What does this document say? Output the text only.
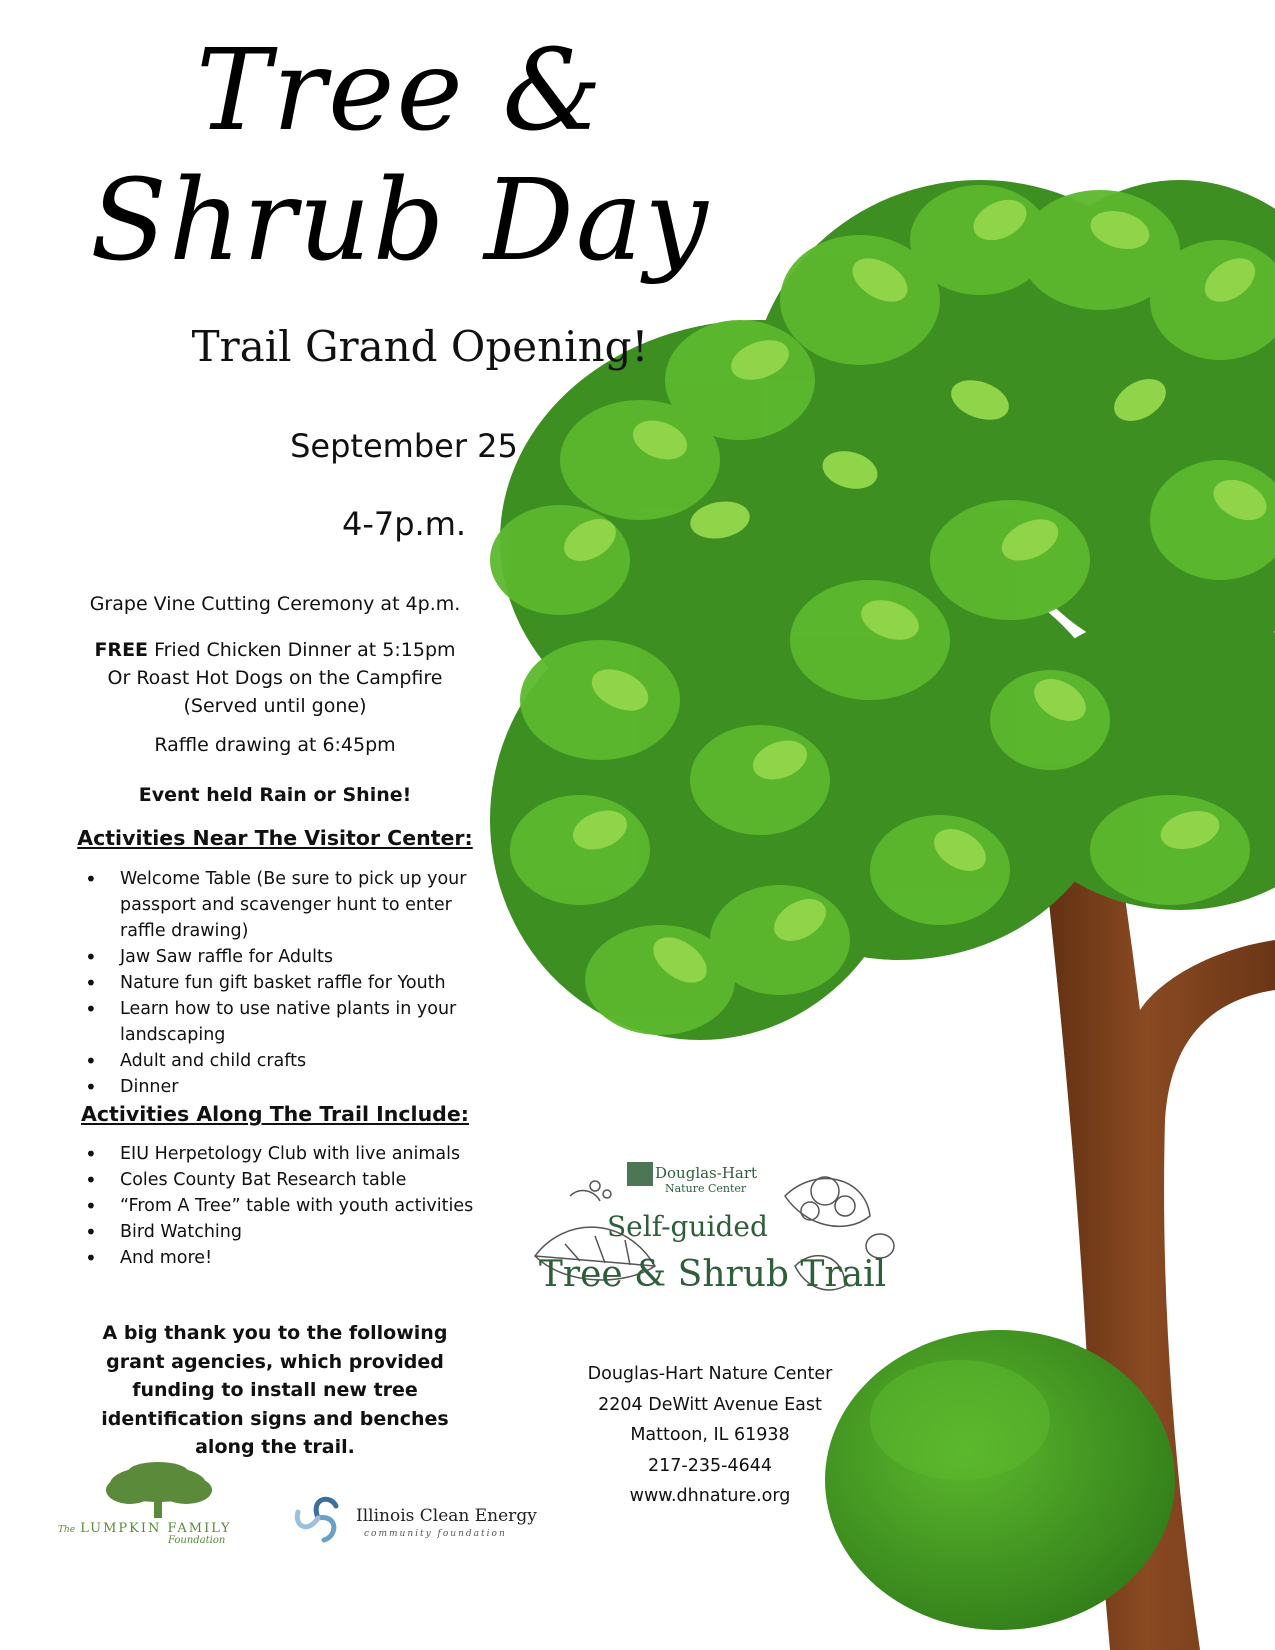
Tree &
Shrub Day
Trail Grand Opening!
September 25
4-7p.m.
Grape Vine Cutting Ceremony at 4p.m.
FREE Fried Chicken Dinner at 5:15pm
Or Roast Hot Dogs on the Campfire
(Served until gone)
Raffle drawing at 6:45pm
Event held Rain or Shine!
Activities Near The Visitor Center:
• Welcome Table (Be sure to pick up your passport and scavenger hunt to enter raffle drawing)
• Jaw Saw raffle for Adults
• Nature fun gift basket raffle for Youth
• Learn how to use native plants in your landscaping
• Adult and child crafts
• Dinner
Activities Along The Trail Include:
• EIU Herpetology Club with live animals
• Coles County Bat Research table
• “From A Tree” table with youth activities
• Bird Watching
• And more!
A big thank you to the following grant agencies, which provided funding to install new tree identification signs and benches along the trail.
Douglas-Hart
Nature Center
Self-guided
Tree & Shrub Trail
Douglas-Hart Nature Center
2204 DeWitt Avenue East
Mattoon, IL 61938
217-235-4644
www.dhnature.org
The LUMPKIN FAMILY
Foundation
Illinois Clean Energy
community foundation
